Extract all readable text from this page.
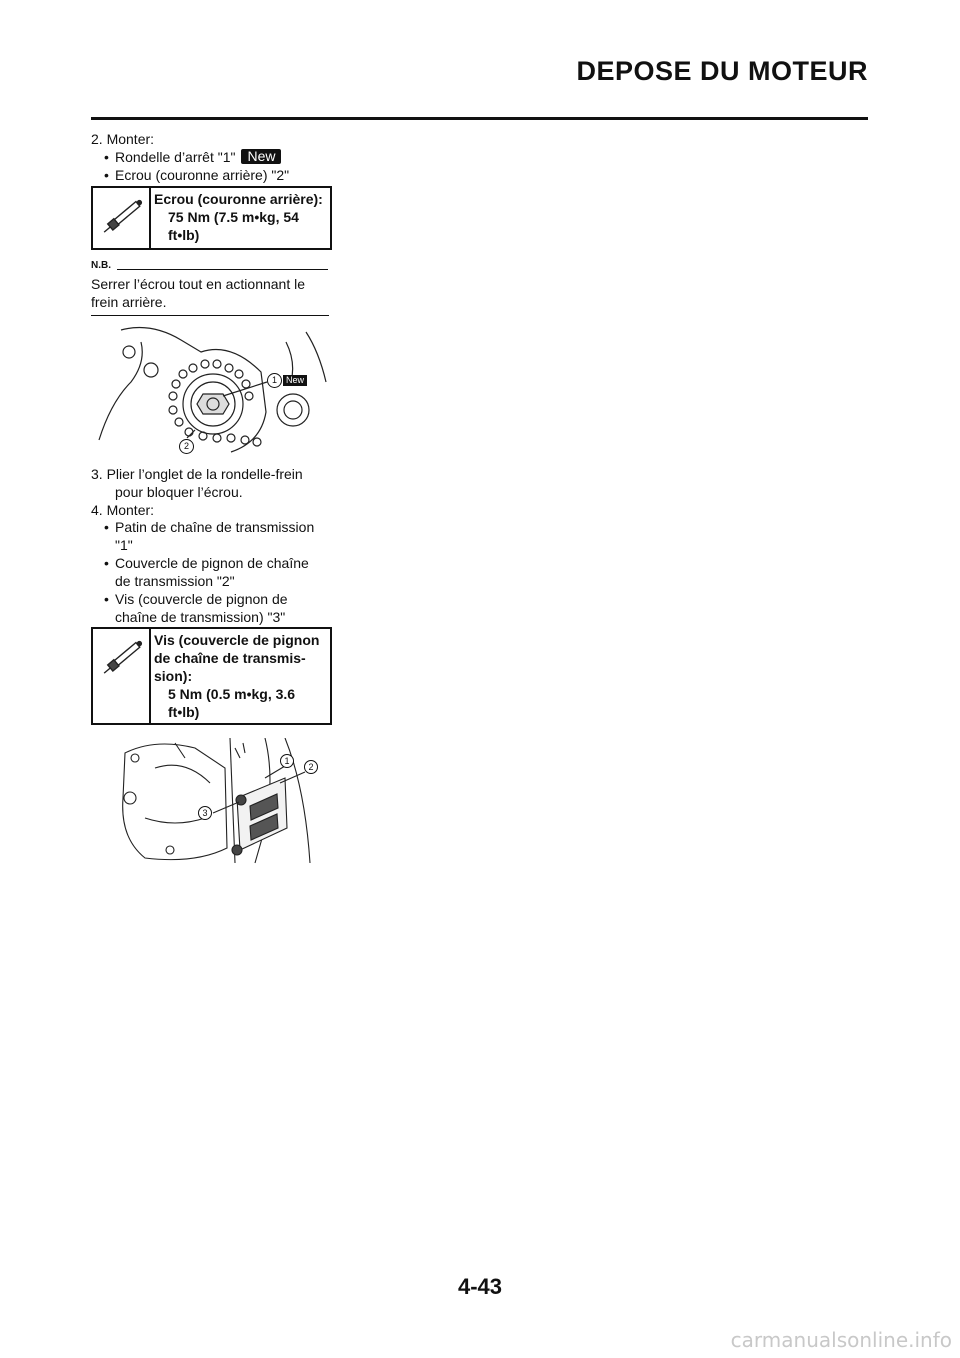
DEPOSE DU MOTEUR
2. Monter:
• Rondelle d’arrêt "1" New
• Ecrou (couronne arrière) "2"
Ecrou (couronne arrière):
75 Nm (7.5 m•kg, 54
ft•lb)
N.B.
Serrer l’écrou tout en actionnant le frein arrière.
1	New
2
3. Plier l’onglet de la rondelle-frein
pour bloquer l’écrou.
4. Monter:
• Patin de chaîne de transmission
"1"
• Couvercle de pignon de chaîne
de transmission "2"
• Vis (couvercle de pignon de
chaîne de transmission) "3"
Vis (couvercle de pignon
de chaîne de transmis-
sion):
5 Nm (0.5 m•kg, 3.6
ft•lb)
1
2
3
4-43
carmanualsonline.info
